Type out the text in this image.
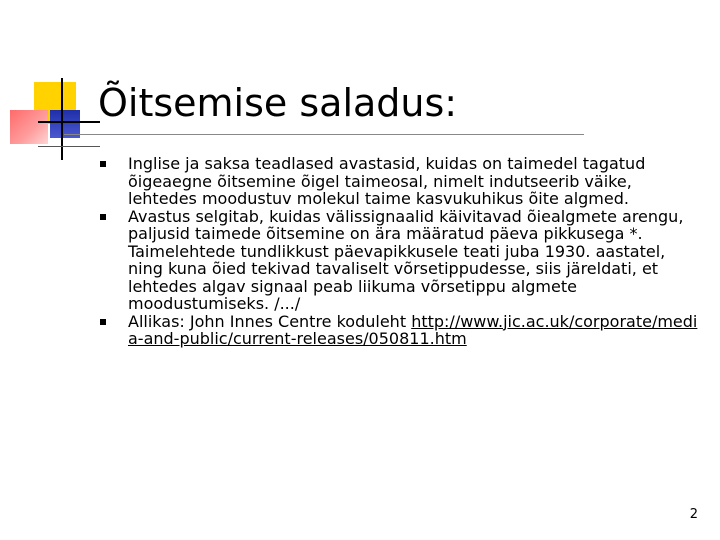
Õitsemise saladus:
Inglise ja saksa teadlased avastasid, kuidas on taimedel tagatud õigeaegne õitsemine õigel taimeosal, nimelt indutseerib väike, lehtedes moodustuv molekul taime kasvukuhikus õite algmed.
Avastus selgitab, kuidas välissignaalid käivitavad õiealgmete arengu, paljusid taimede õitsemine on ära määratud päeva pikkusega *. Taimelehtede tundlikkust päevapikkusele teati juba 1930. aastatel, ning kuna õied tekivad tavaliselt võrsetippudesse, siis järeldati, et lehtedes algav signaal peab liikuma võrsetippu algmete moodustumiseks. /.../
Allikas: John Innes Centre koduleht http://www.jic.ac.uk/corporate/media-and-public/current-releases/050811.htm
2
